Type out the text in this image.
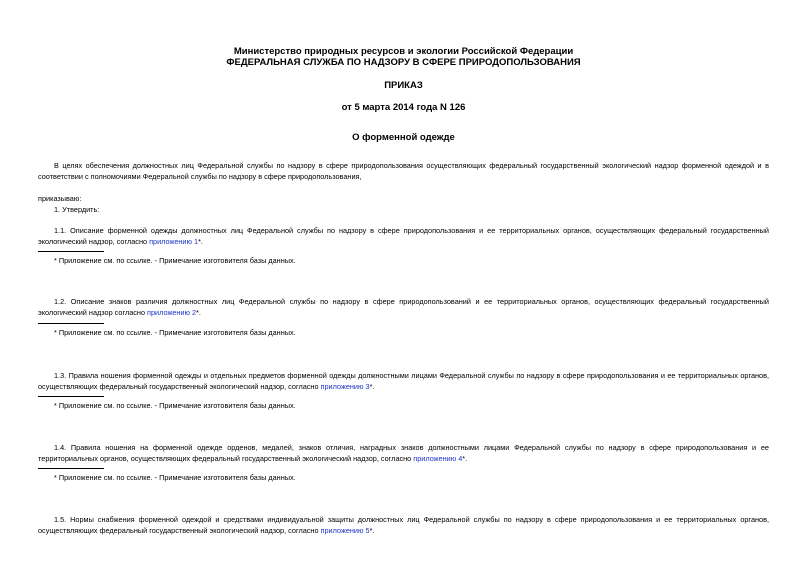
Министерство природных ресурсов и экологии Российской Федерации
ФЕДЕРАЛЬНАЯ СЛУЖБА ПО НАДЗОРУ В СФЕРЕ ПРИРОДОПОЛЬЗОВАНИЯ
ПРИКАЗ
от 5 марта 2014 года N 126
О форменной одежде
В целях обеспечения должностных лиц Федеральной службы по надзору в сфере природопользования осуществляющих федеральный государственный экологический надзор форменной одеждой и в соответствии с полномочиями Федеральной службы по надзору в сфере природопользования,
приказываю:
1. Утвердить:
1.1. Описание форменной одежды должностных лиц Федеральной службы по надзору в сфере природопользования и ее территориальных органов, осуществляющих федеральный государственный экологический надзор, согласно приложению 1*.
* Приложение см. по ссылке. - Примечание изготовителя базы данных.
1.2. Описание знаков различия должностных лиц Федеральной службы по надзору в сфере природопользований и ее территориальных органов, осуществляющих федеральный государственный экологический надзор согласно приложению 2*.
* Приложение см. по ссылке. - Примечание изготовителя базы данных.
1.3. Правила ношения форменной одежды и отдельных предметов форменной одежды должностными лицами Федеральной службы по надзору в сфере природопользования и ее территориальных органов, осуществляющих федеральный государственный экологический надзор, согласно приложению 3*.
* Приложение см. по ссылке. - Примечание изготовителя базы данных.
1.4. Правила ношения на форменной одежде орденов, медалей, знаков отличия, наградных знаков должностными лицами Федеральной службы по надзору в сфере природопользования и ее территориальных органов, осуществляющих федеральный государственный экологический надзор, согласно приложению 4*.
* Приложение см. по ссылке. - Примечание изготовителя базы данных.
1.5. Нормы снабжения форменной одеждой и средствами индивидуальной защиты должностных лиц Федеральной службы по надзору в сфере природопользования и ее территориальных органов, осуществляющих федеральный государственный экологический надзор, согласно приложению 5*.
